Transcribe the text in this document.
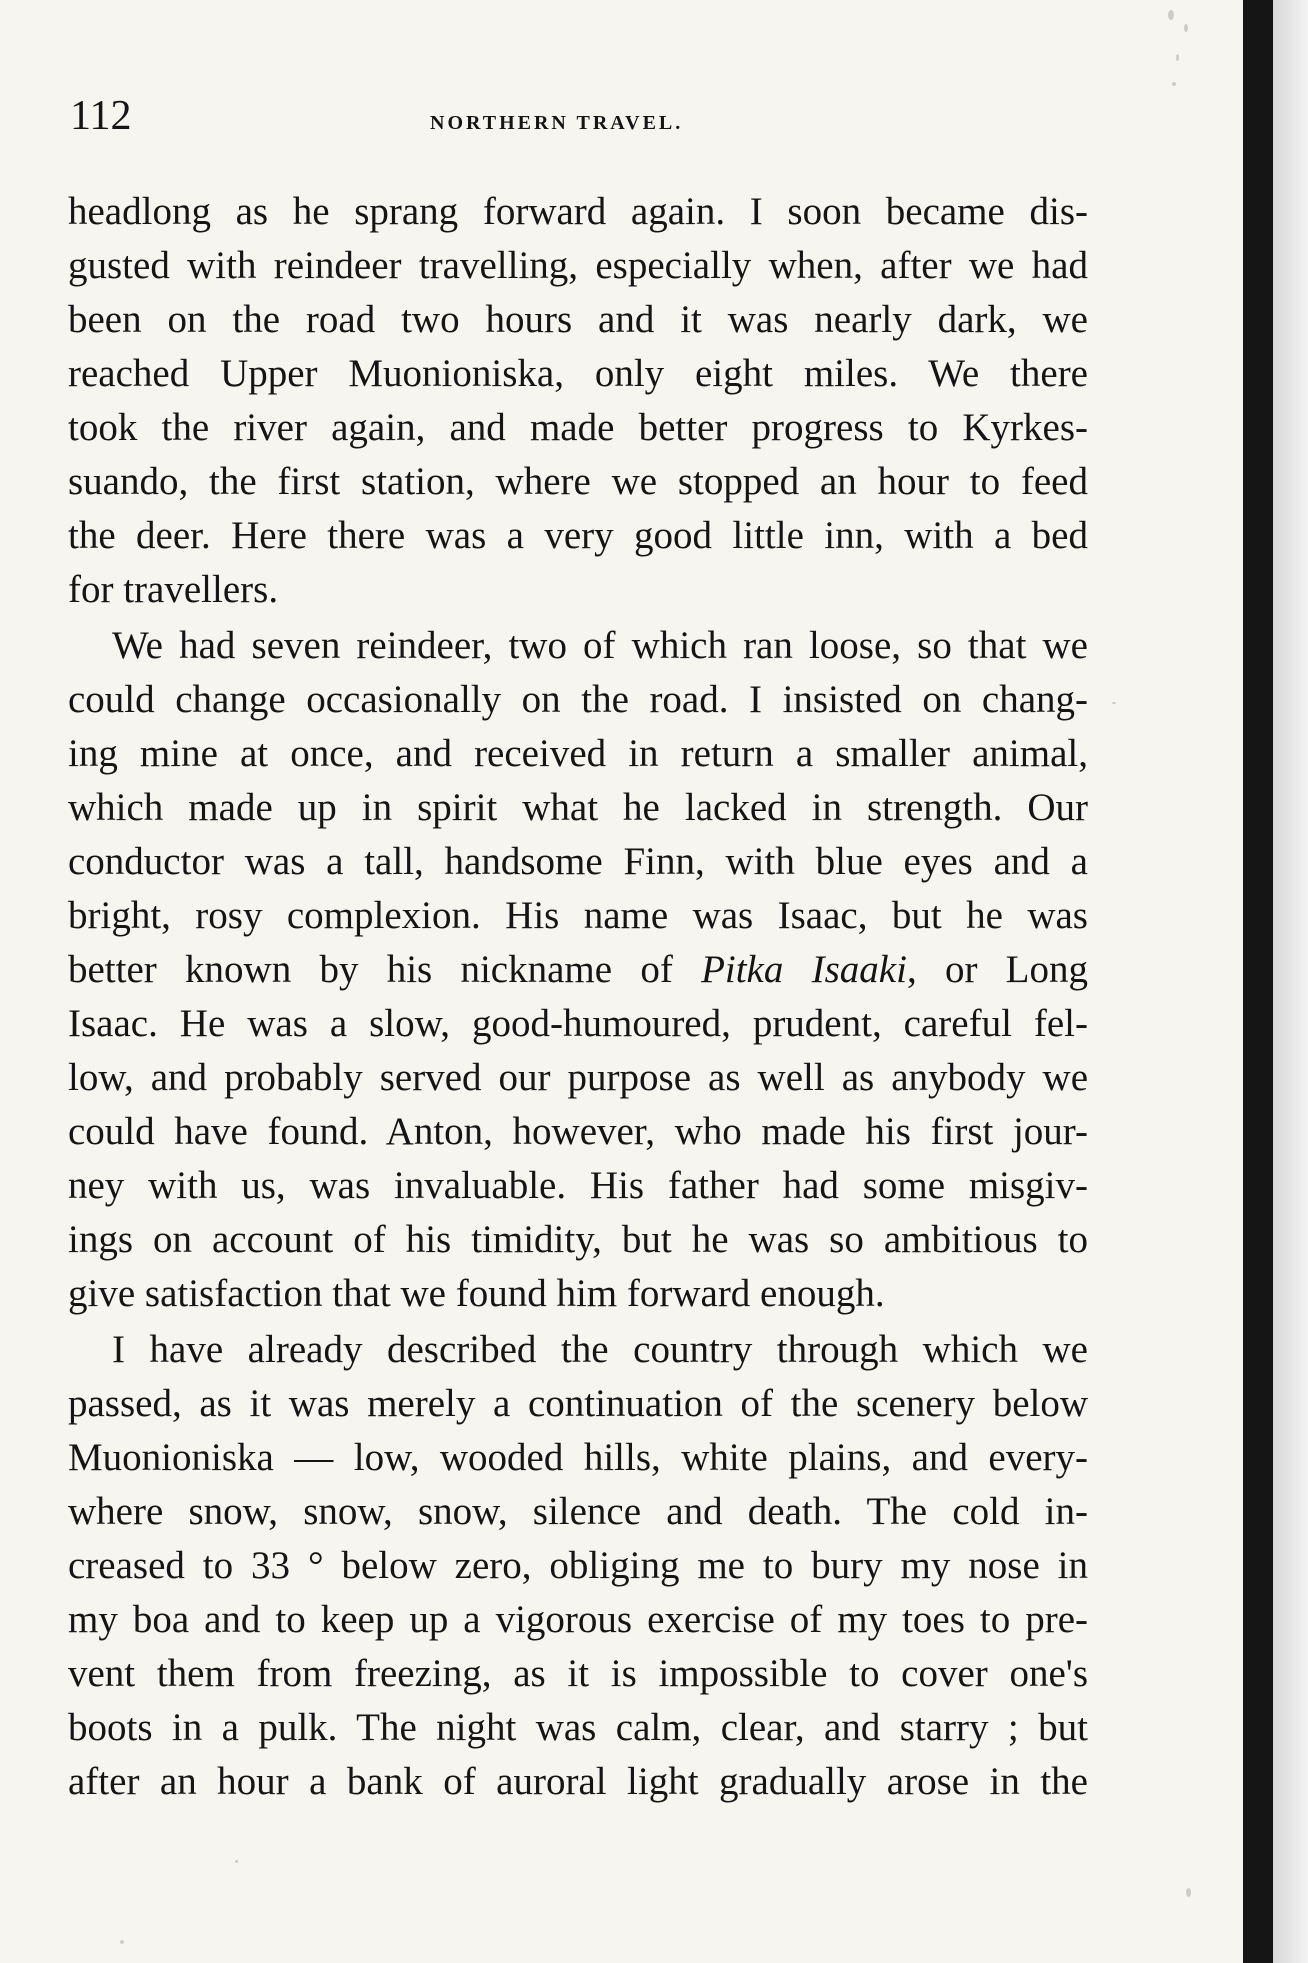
112	NORTHERN TRAVEL.
headlong as he sprang forward again. I soon became dis-
gusted with reindeer travelling, especially when, after we had
been on the road two hours and it was nearly dark, we
reached Upper Muonioniska, only eight miles. We there
took the river again, and made better progress to Kyrkes-
suando, the first station, where we stopped an hour to feed
the deer. Here there was a very good little inn, with a bed
for travellers.
We had seven reindeer, two of which ran loose, so that we
could change occasionally on the road. I insisted on chang-
ing mine at once, and received in return a smaller animal,
which made up in spirit what he lacked in strength. Our
conductor was a tall, handsome Finn, with blue eyes and a
bright, rosy complexion. His name was Isaac, but he was
better known by his nickname of Pitka Isaaki, or Long
Isaac. He was a slow, good-humoured, prudent, careful fel-
low, and probably served our purpose as well as anybody we
could have found. Anton, however, who made his first jour-
ney with us, was invaluable. His father had some misgiv-
ings on account of his timidity, but he was so ambitious to
give satisfaction that we found him forward enough.
I have already described the country through which we
passed, as it was merely a continuation of the scenery below
Muonioniska — low, wooded hills, white plains, and every-
where snow, snow, snow, silence and death. The cold in-
creased to 33 ° below zero, obliging me to bury my nose in
my boa and to keep up a vigorous exercise of my toes to pre-
vent them from freezing, as it is impossible to cover one's
boots in a pulk. The night was calm, clear, and starry ; but
after an hour a bank of auroral light gradually arose in the
